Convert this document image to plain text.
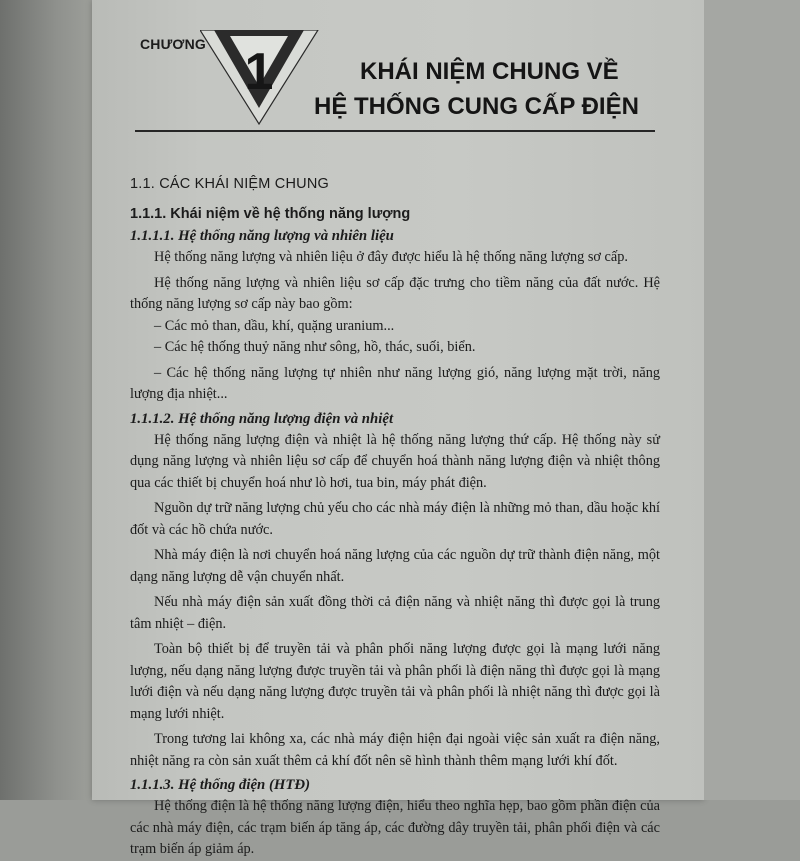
CHƯƠNG 1	KHÁI NIỆM CHUNG VỀ
HỆ THỐNG CUNG CẤP ĐIỆN
1.1. CÁC KHÁI NIỆM CHUNG
1.1.1. Khái niệm về hệ thống năng lượng
1.1.1.1. Hệ thống năng lượng và nhiên liệu

Hệ thống năng lượng và nhiên liệu ở đây được hiểu là hệ thống năng lượng sơ cấp.

Hệ thống năng lượng và nhiên liệu sơ cấp đặc trưng cho tiềm năng của đất nước. Hệ thống năng lượng sơ cấp này bao gồm:

– Các mỏ than, dầu, khí, quặng uranium...

– Các hệ thống thuỷ năng như sông, hồ, thác, suối, biển.

– Các hệ thống năng lượng tự nhiên như năng lượng gió, năng lượng mặt trời, năng lượng địa nhiệt...

1.1.1.2. Hệ thống năng lượng điện và nhiệt

Hệ thống năng lượng điện và nhiệt là hệ thống năng lượng thứ cấp. Hệ thống này sử dụng năng lượng và nhiên liệu sơ cấp để chuyển hoá thành năng lượng điện và nhiệt thông qua các thiết bị chuyển hoá như lò hơi, tua bin, máy phát điện.

Nguồn dự trữ năng lượng chủ yếu cho các nhà máy điện là những mỏ than, dầu hoặc khí đốt và các hồ chứa nước.

Nhà máy điện là nơi chuyển hoá năng lượng của các nguồn dự trữ thành điện năng, một dạng năng lượng dễ vận chuyển nhất.

Nếu nhà máy điện sản xuất đồng thời cả điện năng và nhiệt năng thì được gọi là trung tâm nhiệt – điện.

Toàn bộ thiết bị để truyền tải và phân phối năng lượng được gọi là mạng lưới năng lượng, nếu dạng năng lượng được truyền tải và phân phối là điện năng thì được gọi là mạng lưới điện và nếu dạng năng lượng được truyền tải và phân phối là nhiệt năng thì được gọi là mạng lưới nhiệt.

Trong tương lai không xa, các nhà máy điện hiện đại ngoài việc sản xuất ra điện năng, nhiệt năng ra còn sản xuất thêm cả khí đốt nên sẽ hình thành thêm mạng lưới khí đốt.

1.1.1.3. Hệ thống điện (HTĐ)

Hệ thống điện là hệ thống năng lượng điện, hiểu theo nghĩa hẹp, bao gồm phần điện của các nhà máy điện, các trạm biến áp tăng áp, các đường dây truyền tải, phân phối điện và các trạm biến áp giảm áp.
